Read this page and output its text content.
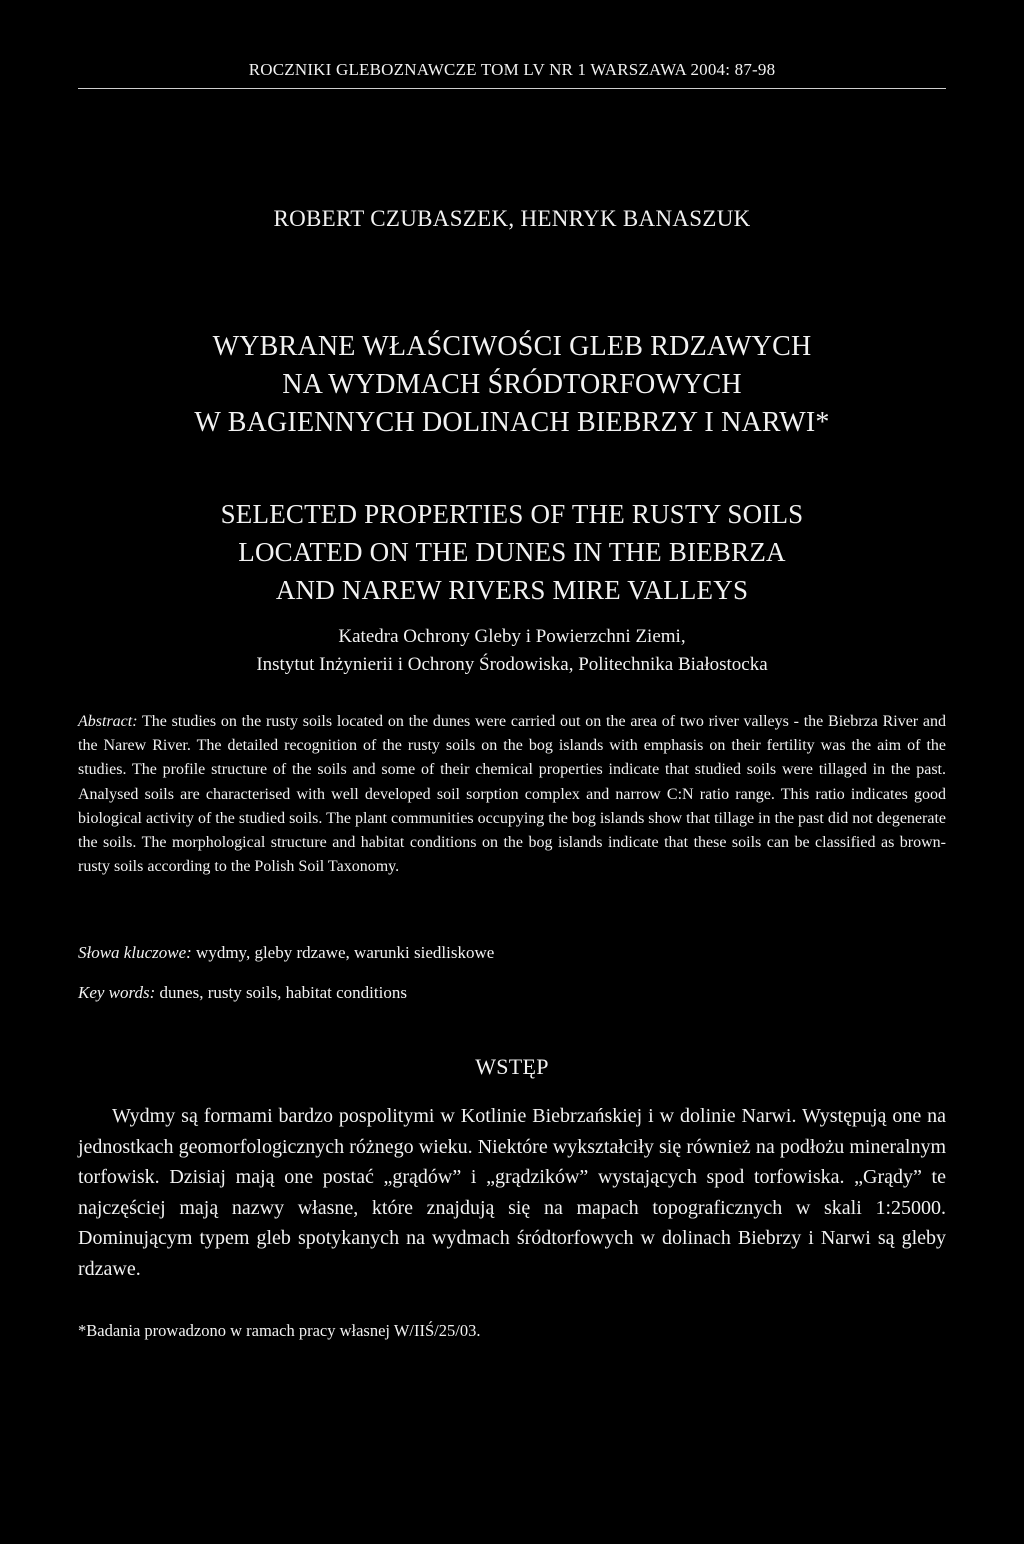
ROCZNIKI GLEBOZNAWCZE TOM LV NR 1 WARSZAWA 2004: 87-98
ROBERT CZUBASZEK, HENRYK BANASZUK
WYBRANE WŁAŚCIWOŚCI GLEB RDZAWYCH
NA WYDMACH ŚRÓDTORFOWYCH
W BAGIENNYCH DOLINACH BIEBRZY I NARWI*
SELECTED PROPERTIES OF THE RUSTY SOILS
LOCATED ON THE DUNES IN THE BIEBRZA
AND NAREW RIVERS MIRE VALLEYS
Katedra Ochrony Gleby i Powierzchni Ziemi,
Instytut Inżynierii i Ochrony Środowiska, Politechnika Białostocka
Abstract: The studies on the rusty soils located on the dunes were carried out on the area of two river valleys - the Biebrza River and the Narew River. The detailed recognition of the rusty soils on the bog islands with emphasis on their fertility was the aim of the studies. The profile structure of the soils and some of their chemical properties indicate that studied soils were tillaged in the past. Analysed soils are characterised with well developed soil sorption complex and narrow C:N ratio range. This ratio indicates good biological activity of the studied soils. The plant communities occupying the bog islands show that tillage in the past did not degenerate the soils. The morphological structure and habitat conditions on the bog islands indicate that these soils can be classified as brown-rusty soils according to the Polish Soil Taxonomy.
Słowa kluczowe: wydmy, gleby rdzawe, warunki siedliskowe
Key words: dunes, rusty soils, habitat conditions
WSTĘP
Wydmy są formami bardzo pospolitymi w Kotlinie Biebrzańskiej i w dolinie Narwi. Występują one na jednostkach geomorfologicznych różnego wieku. Niektóre wykształciły się również na podłożu mineralnym torfowisk. Dzisiaj mają one postać „grądów” i „grądzików” wystających spod torfowiska. „Grądy” te najczęściej mają nazwy własne, które znajdują się na mapach topograficznych w skali 1:25000. Dominującym typem gleb spotykanych na wydmach śródtorfowych w dolinach Biebrzy i Narwi są gleby rdzawe.
*Badania prowadzono w ramach pracy własnej W/IIŚ/25/03.
